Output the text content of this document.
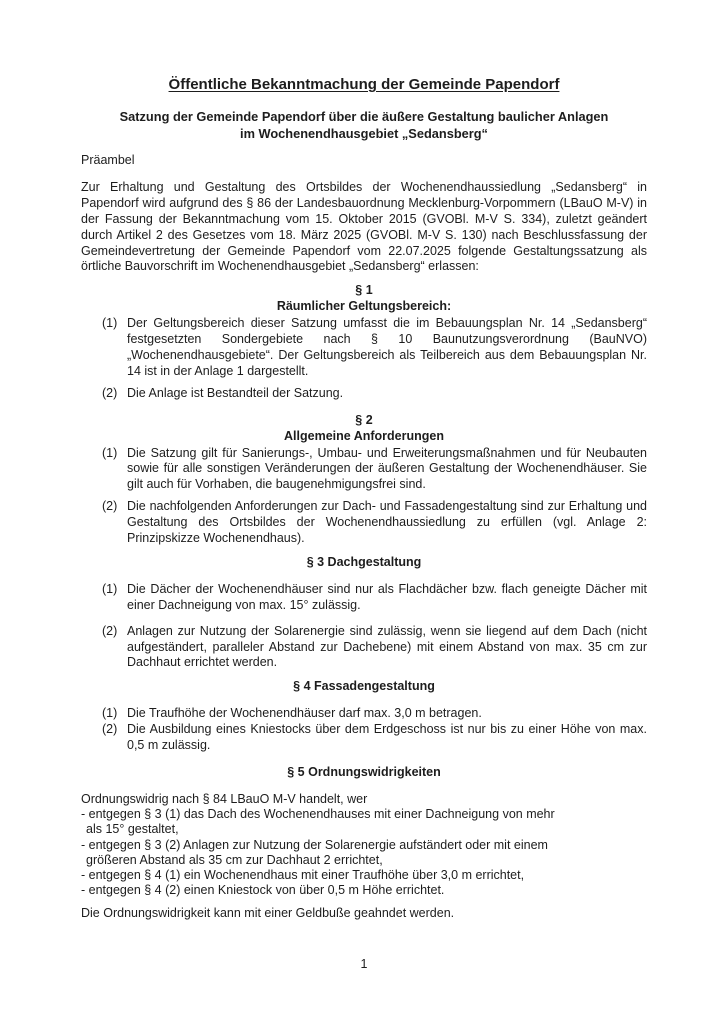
Öffentliche Bekanntmachung der Gemeinde Papendorf
Satzung der Gemeinde Papendorf über die äußere Gestaltung baulicher Anlagen
im Wochenendhausgebiet „Sedansberg“
Präambel

Zur Erhaltung und Gestaltung des Ortsbildes der Wochenendhaussiedlung „Sedansberg“ in Papendorf wird aufgrund des § 86 der Landesbauordnung Mecklenburg-Vorpommern (LBauO M-V) in der Fassung der Bekanntmachung vom 15. Oktober 2015 (GVOBl. M-V S. 334), zuletzt geändert durch Artikel 2 des Gesetzes vom 18. März 2025 (GVOBl. M-V S. 130) nach Beschlussfassung der Gemeindevertretung der Gemeinde Papendorf vom 22.07.2025 folgende Gestaltungssatzung als örtliche Bauvorschrift im Wochenendhausgebiet „Sedansberg“ erlassen:

§ 1
Räumlicher Geltungsbereich:
(1) Der Geltungsbereich dieser Satzung umfasst die im Bebauungsplan Nr. 14 „Sedansberg“ festgesetzten Sondergebiete nach § 10 Baunutzungsverordnung (BauNVO) „Wochenendhausgebiete“. Der Geltungsbereich als Teilbereich aus dem Bebauungsplan Nr. 14 ist in der Anlage 1 dargestellt.
(2) Die Anlage ist Bestandteil der Satzung.
§ 2
Allgemeine Anforderungen
(1) Die Satzung gilt für Sanierungs-, Umbau- und Erweiterungsmaßnahmen und für Neubauten sowie für alle sonstigen Veränderungen der äußeren Gestaltung der Wochenendhäuser. Sie gilt auch für Vorhaben, die baugenehmigungsfrei sind.
(2) Die nachfolgenden Anforderungen zur Dach- und Fassadengestaltung sind zur Erhaltung und Gestaltung des Ortsbildes der Wochenendhaussiedlung zu erfüllen (vgl. Anlage 2: Prinzipskizze Wochenendhaus).
§ 3 Dachgestaltung
(1) Die Dächer der Wochenendhäuser sind nur als Flachdächer bzw. flach geneigte Dächer mit einer Dachneigung von max. 15° zulässig.
(2) Anlagen zur Nutzung der Solarenergie sind zulässig, wenn sie liegend auf dem Dach (nicht aufgeständert, paralleler Abstand zur Dachebene) mit einem Abstand von max. 35 cm zur Dachhaut errichtet werden.
§ 4 Fassadengestaltung
(1) Die Traufhöhe der Wochenendhäuser darf max. 3,0 m betragen.
(2) Die Ausbildung eines Kniestocks über dem Erdgeschoss ist nur bis zu einer Höhe von max. 0,5 m zulässig.
§ 5 Ordnungswidrigkeiten
Ordnungswidrig nach § 84 LBauO M-V handelt, wer
- entgegen § 3 (1) das Dach des Wochenendhauses mit einer Dachneigung von mehr
als 15° gestaltet,
- entgegen § 3 (2) Anlagen zur Nutzung der Solarenergie aufständert oder mit einem
größeren Abstand als 35 cm zur Dachhaut 2 errichtet,
- entgegen § 4 (1) ein Wochenendhaus mit einer Traufhöhe über 3,0 m errichtet,
- entgegen § 4 (2) einen Kniestock von über 0,5 m Höhe errichtet.

Die Ordnungswidrigkeit kann mit einer Geldbuße geahndet werden.

1
